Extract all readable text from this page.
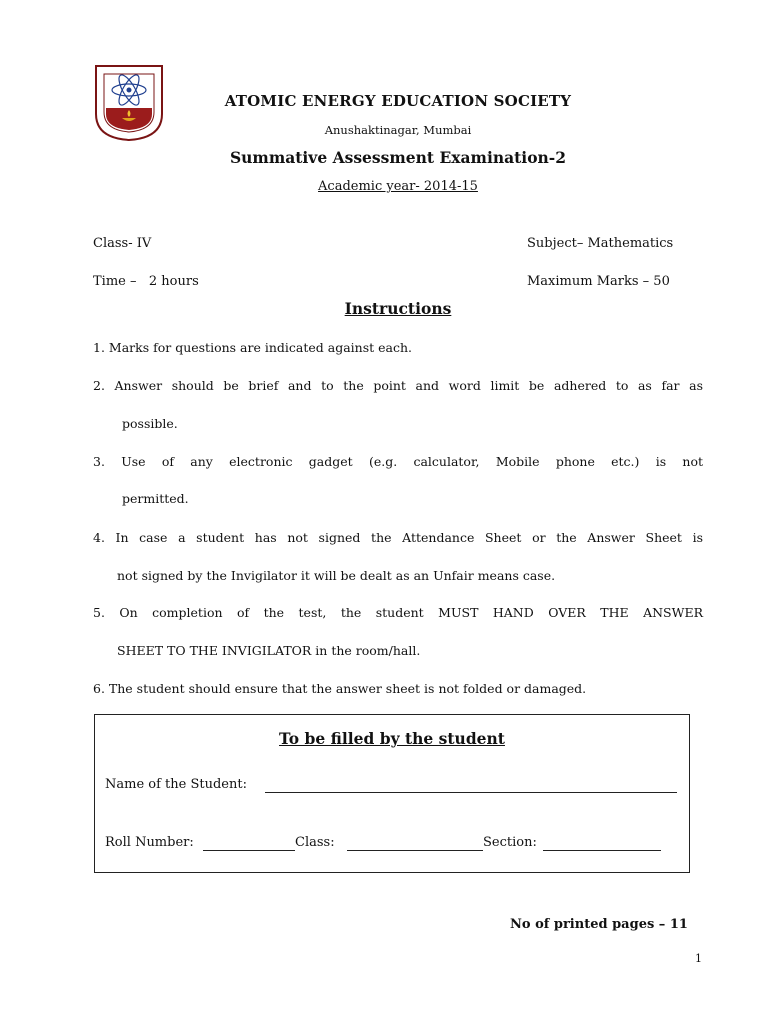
ATOMIC ENERGY EDUCATION SOCIETY
Anushaktinagar, Mumbai
Summative Assessment Examination-2
Academic year- 2014-15
Class- IV	Subject– Mathematics
Time –   2 hours	Maximum Marks – 50
Instructions
1. Marks for questions are indicated against each.
2. Answer should be brief and to the point and word limit be adhered to as far as
possible.
3. Use of any electronic gadget (e.g. calculator, Mobile phone etc.) is not
permitted.
4. In case a student has not signed the Attendance Sheet or the Answer Sheet is
not signed by the Invigilator it will be dealt as an Unfair means case.
5. On completion of the test, the student MUST HAND OVER THE ANSWER
SHEET TO THE INVIGILATOR in the room/hall.
6. The student should ensure that the answer sheet is not folded or damaged.
To be filled by the student
Name of the Student:
Roll Number:	Class:	Section:
No of printed pages – 11
1
